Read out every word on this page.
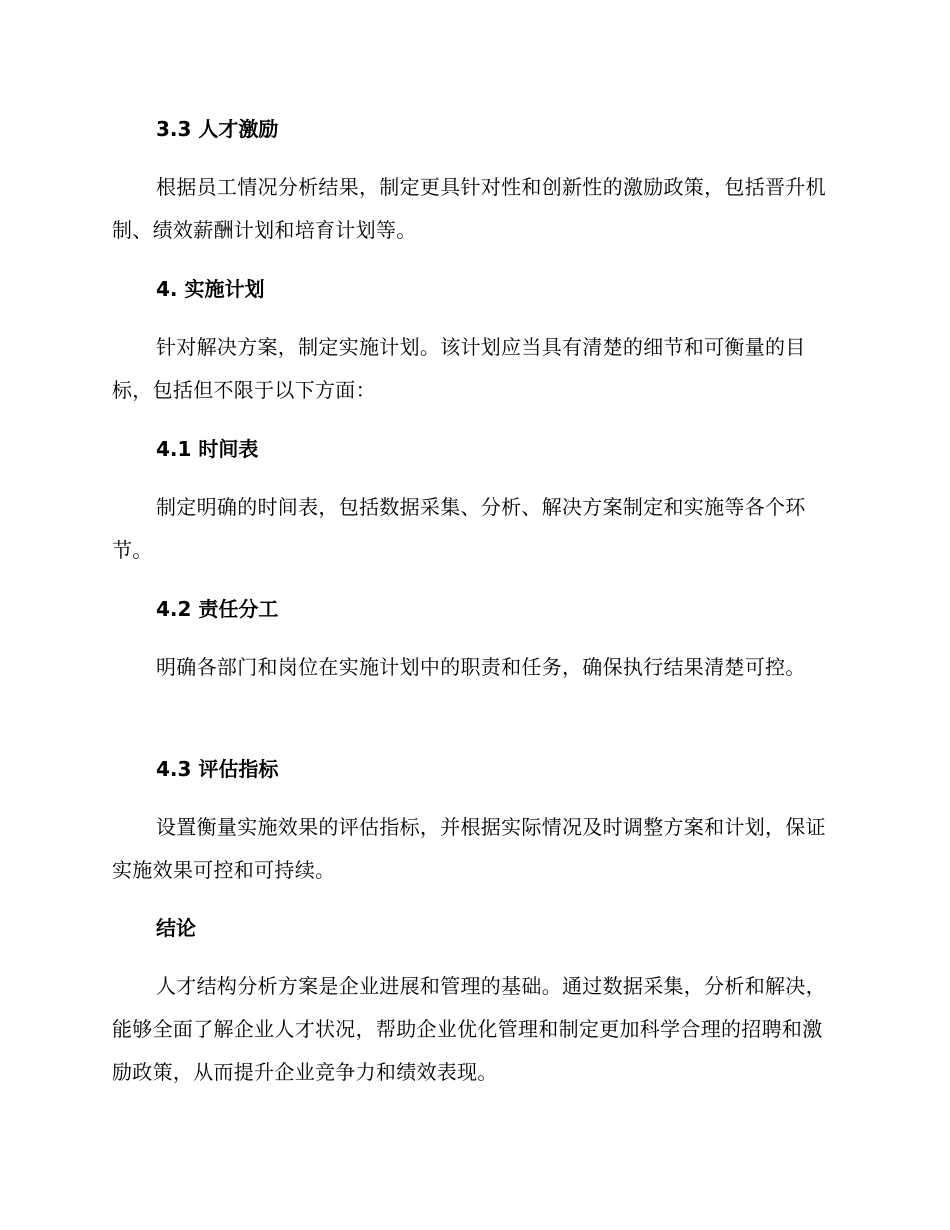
3.3 人才激励

根据员工情况分析结果，制定更具针对性和创新性的激励政策，包括晋升机制、绩效薪酬计划和培育计划等。

4. 实施计划

针对解决方案，制定实施计划。该计划应当具有清楚的细节和可衡量的目标，包括但不限于以下方面：

4.1 时间表

制定明确的时间表，包括数据采集、分析、解决方案制定和实施等各个环节。

4.2 责任分工

明确各部门和岗位在实施计划中的职责和任务，确保执行结果清楚可控。

4.3 评估指标

设置衡量实施效果的评估指标，并根据实际情况及时调整方案和计划，保证实施效果可控和可持续。

结论

人才结构分析方案是企业进展和管理的基础。通过数据采集，分析和解决，能够全面了解企业人才状况，帮助企业优化管理和制定更加科学合理的招聘和激励政策，从而提升企业竞争力和绩效表现。
